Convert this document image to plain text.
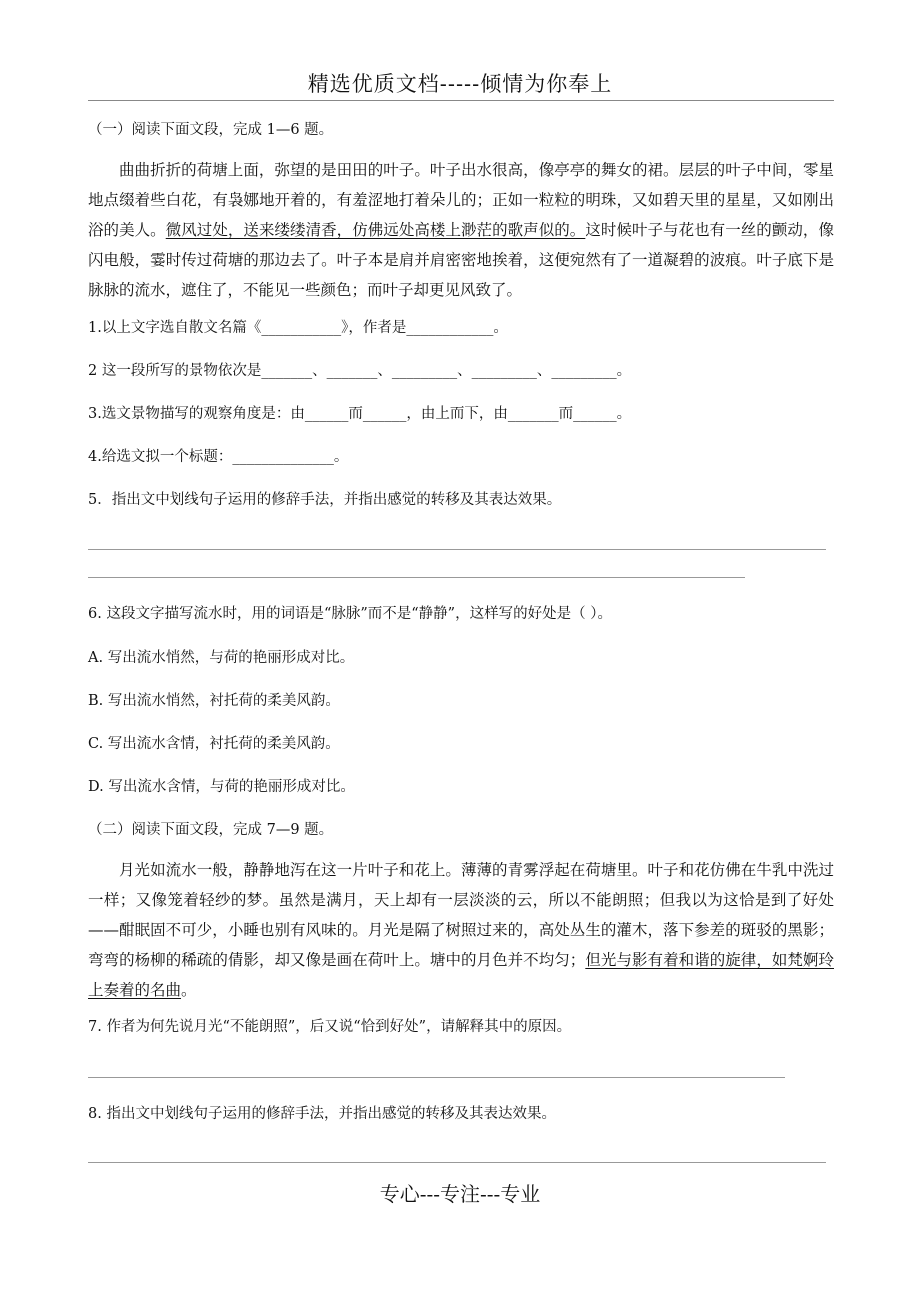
精选优质文档-----倾情为你奉上
（一）阅读下面文段，完成 1—6 题。
曲曲折折的荷塘上面，弥望的是田田的叶子。叶子出水很高，像亭亭的舞女的裙。层层的叶子中间，零星地点缀着些白花，有袅娜地开着的，有羞涩地打着朵儿的；正如一粒粒的明珠，又如碧天里的星星，又如刚出浴的美人。微风过处，送来缕缕清香，仿佛远处高楼上渺茫的歌声似的。这时候叶子与花也有一丝的颤动，像闪电般，霎时传过荷塘的那边去了。叶子本是肩并肩密密地挨着，这便宛然有了一道凝碧的波痕。叶子底下是脉脉的流水，遮住了，不能见一些颜色；而叶子却更见风致了。
1.以上文字选自散文名篇《___________》，作者是____________。
2 这一段所写的景物依次是_______、_______、_________、_________、_________。
3.选文景物描写的观察角度是：由______而______，由上而下，由_______而______。
4.给选文拟一个标题：______________。
5．指出文中划线句子运用的修辞手法，并指出感觉的转移及其表达效果。
6. 这段文字描写流水时，用的词语是“脉脉”而不是“静静”，这样写的好处是（ ）。
A. 写出流水悄然，与荷的艳丽形成对比。
B. 写出流水悄然，衬托荷的柔美风韵。
C. 写出流水含情，衬托荷的柔美风韵。
D. 写出流水含情，与荷的艳丽形成对比。
（二）阅读下面文段，完成 7—9 题。
月光如流水一般，静静地泻在这一片叶子和花上。薄薄的青雾浮起在荷塘里。叶子和花仿佛在牛乳中洗过一样；又像笼着轻纱的梦。虽然是满月，天上却有一层淡淡的云，所以不能朗照；但我以为这恰是到了好处——酣眠固不可少，小睡也别有风味的。月光是隔了树照过来的，高处丛生的灌木，落下参差的斑驳的黑影；弯弯的杨柳的稀疏的倩影，却又像是画在荷叶上。塘中的月色并不均匀；但光与影有着和谐的旋律，如梵婀玲上奏着的名曲。
7. 作者为何先说月光“不能朗照”，后又说“恰到好处”，请解释其中的原因。
8. 指出文中划线句子运用的修辞手法，并指出感觉的转移及其表达效果。
专心---专注---专业
